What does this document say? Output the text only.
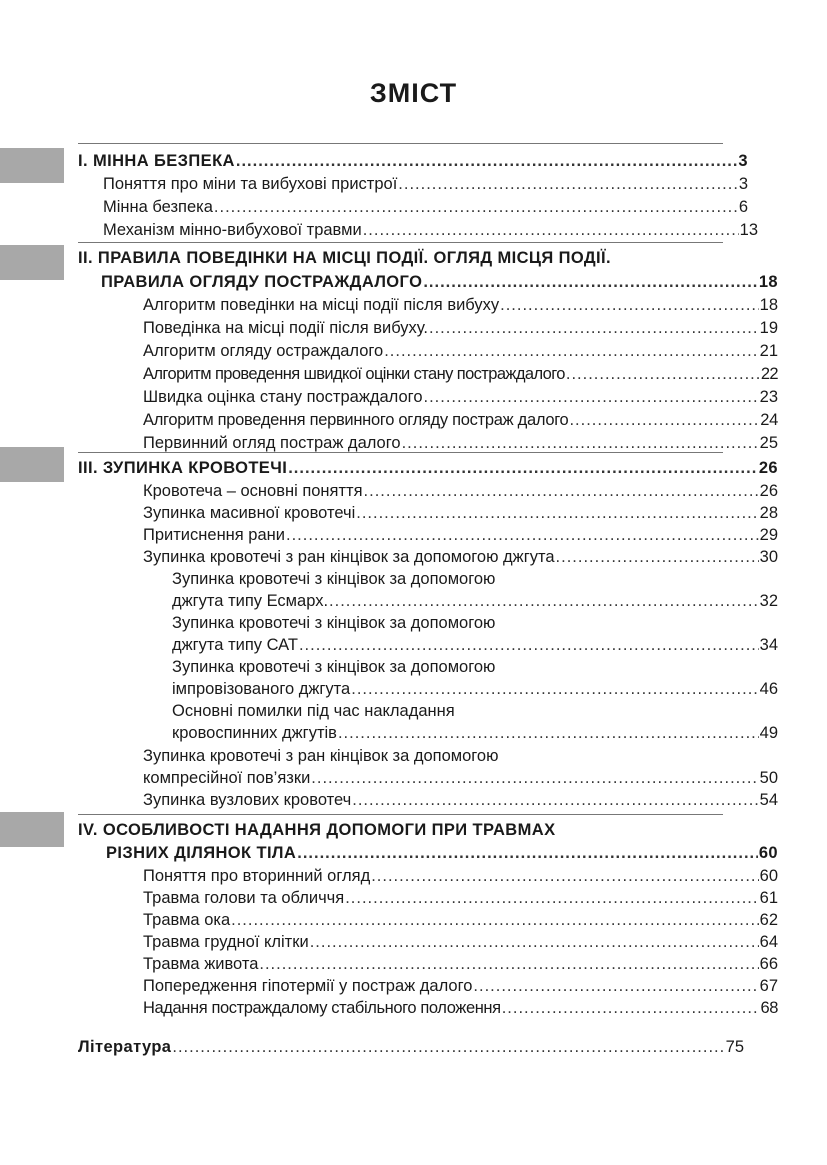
ЗМІСТ
I. МІННА БЕЗПЕКА .....	3
Поняття про міни та вибухові пристрої .....	3
Мінна безпека .....	6
Механізм мінно-вибухової травми .....	13
II. ПРАВИЛА ПОВЕДІНКИ НА МІСЦІ ПОДІЇ. ОГЛЯД МІСЦЯ ПОДІЇ.
ПРАВИЛА ОГЛЯДУ ПОСТРАЖДАЛОГО .....	18
Алгоритм поведінки на місці події після вибуху .....	18
Поведінка на місці події після вибуху. .....	19
Алгоритм огляду остраждалого .....	21
Алгоритм проведення швидкої оцінки стану постраждалого .....	22
Швидка оцінка стану постраждалого .....	23
Алгоритм проведення первинного огляду постраж далого .....	24
Первинний огляд постраж далого .....	25
III. ЗУПИНКА КРОВОТЕЧІ .....	26
Кровотеча – основні поняття .....	26
Зупинка масивної кровотечі .....	28
Притиснення рани .....	29
Зупинка кровотечі з ран кінцівок за допомогою джгута .....	30
Зупинка кровотечі з кінцівок за допомогою
джгута типу Есмарх. .....	32
Зупинка кровотечі з кінцівок за допомогою
джгута типу САТ .....	34
Зупинка кровотечі з кінцівок за допомогою
імпровізованого джгута .....	46
Основні помилки під час накладання
кровоспинних джгутів .....	49
Зупинка кровотечі з ран кінцівок за допомогою
компресійної пов’язки .....	50
Зупинка вузлових кровотеч .....	54
IV. ОСОБЛИВОСТІ НАДАННЯ ДОПОМОГИ ПРИ ТРАВМАХ
РІЗНИХ ДІЛЯНОК ТІЛА .....	60
Поняття про вторинний огляд .....	60
Травма голови та обличчя .....	61
Травма ока .....	62
Травма грудної клітки .....	64
Травма живота .....	66
Попередження гіпотермії у постраж далого .....	67
Надання постраждалому стабільного положення .....	68
Література .....	75
